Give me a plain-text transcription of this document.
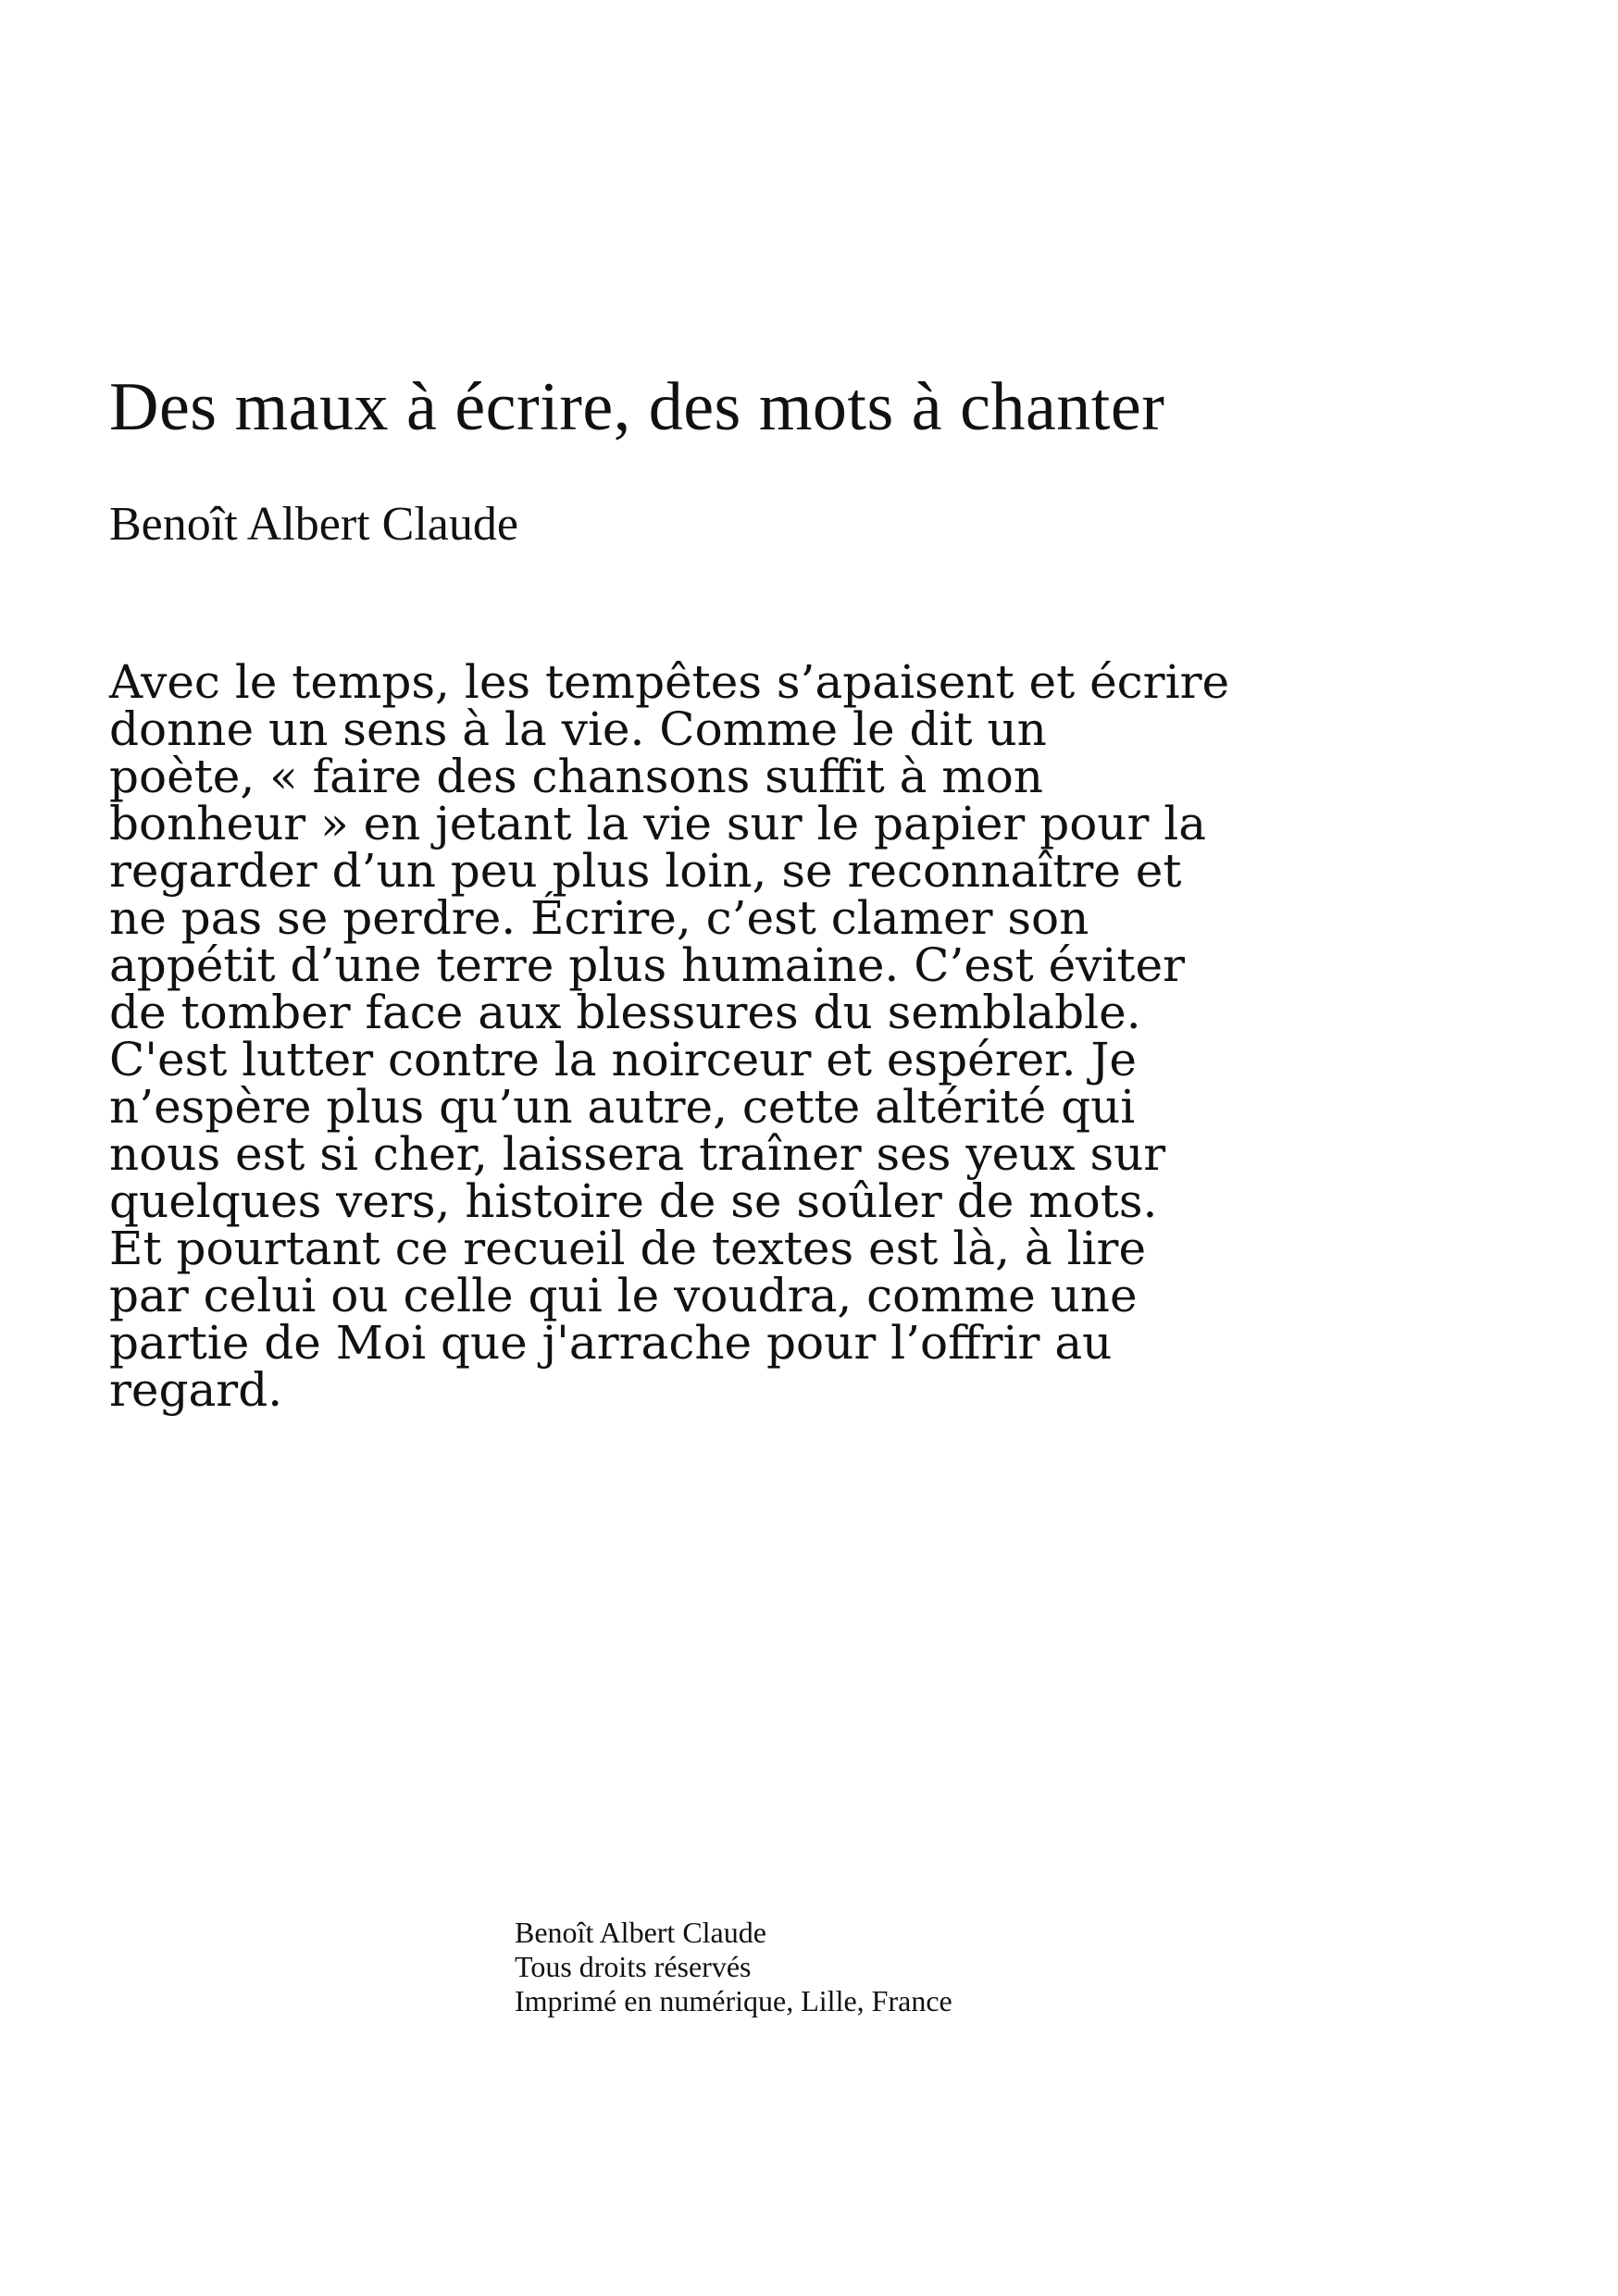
Des maux à écrire, des mots à chanter
Benoît Albert Claude
Avec le temps, les tempêtes s’apaisent et écrire
donne un sens à la vie. Comme le dit un
poète, « faire des chansons suffit à mon
bonheur » en jetant la vie sur le papier pour la
regarder d’un peu plus loin, se reconnaître et
ne pas se perdre. Écrire, c’est clamer son
appétit d’une terre plus humaine. C’est éviter
de tomber face aux blessures du semblable.
C'est lutter contre la noirceur et espérer. Je
n’espère plus qu’un autre, cette altérité qui
nous est si cher, laissera traîner ses yeux sur
quelques vers, histoire de se soûler de mots.
Et pourtant ce recueil de textes est là, à lire
par celui ou celle qui le voudra, comme une
partie de Moi que j'arrache pour l’offrir au
regard.
Benoît Albert Claude
Tous droits réservés
Imprimé en numérique, Lille, France
